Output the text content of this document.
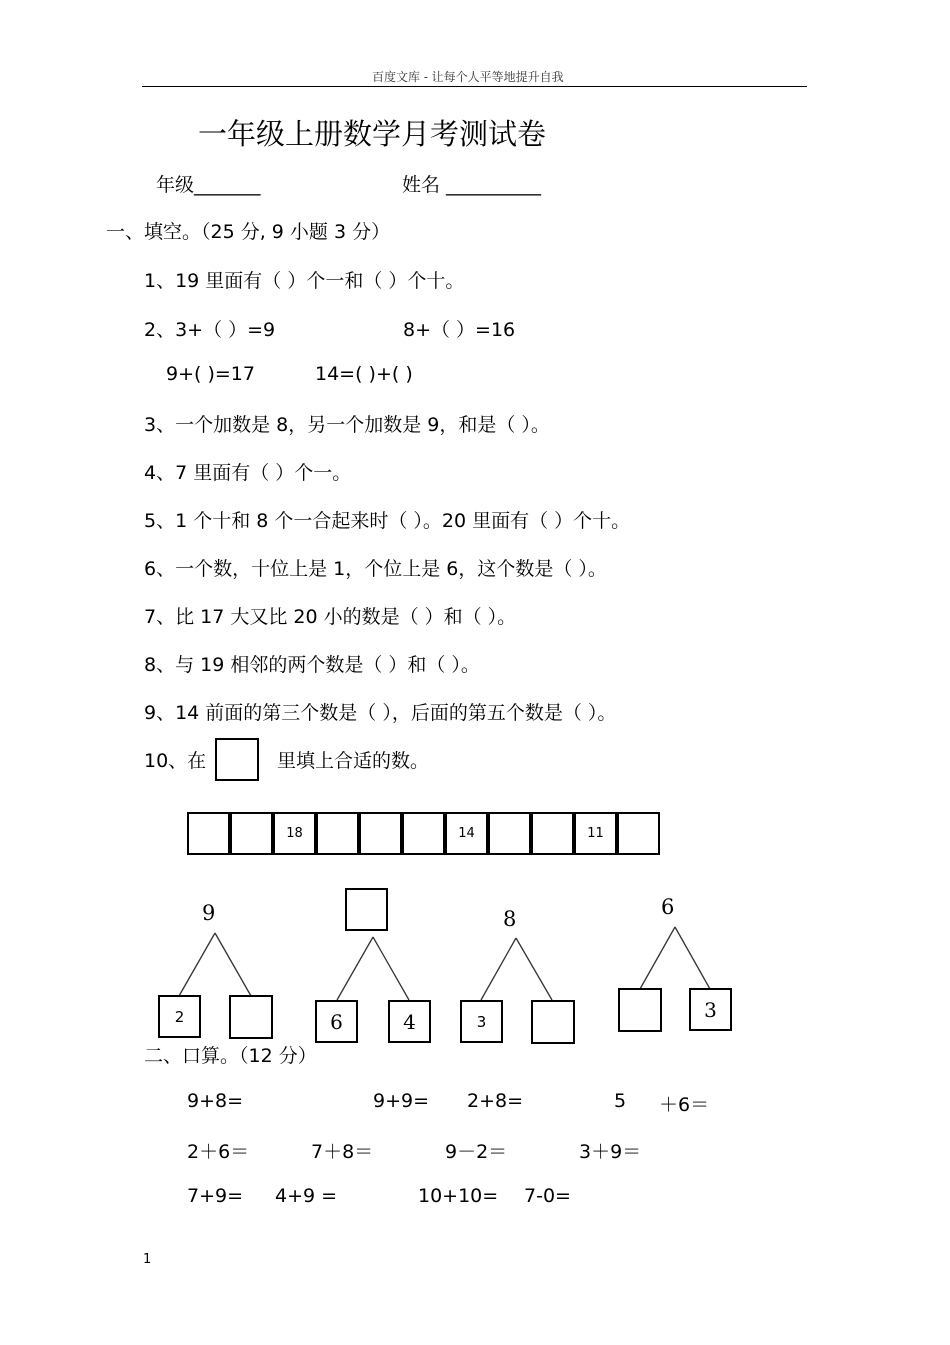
百度文库 - 让每个人平等地提升自我
一年级上册数学月考测试卷
年级_______	姓名 __________
一、填空。（25 分, 9 小题 3 分）
1、19 里面有（ ）个一和（ ）个十。
2、3+（ ）=9	8+（ ）=16
9+( )=17	14=( )+( )
3、一个加数是 8，另一个加数是 9，和是（ ）。
4、7 里面有（ ）个一。
5、1 个十和 8 个一合起来时（ ）。20 里面有（ ）个十。
6、一个数，十位上是 1，个位上是 6，这个数是（ ）。
7、比 17 大又比 20 小的数是（ ）和（ ）。
8、与 19 相邻的两个数是（ ）和（ ）。
9、14 前面的第三个数是（ ），后面的第五个数是（ ）。
10、在	里填上合适的数。
18	14	11
9
2	6	4
8
3
6
3
二、口算。（12 分）
9+8=	9+9= 2+8=	5 ＋6＝
2＋6＝	7＋8＝	9－2＝	3＋9＝
7+9= 4+9 =	10+10= 7-0=
1
